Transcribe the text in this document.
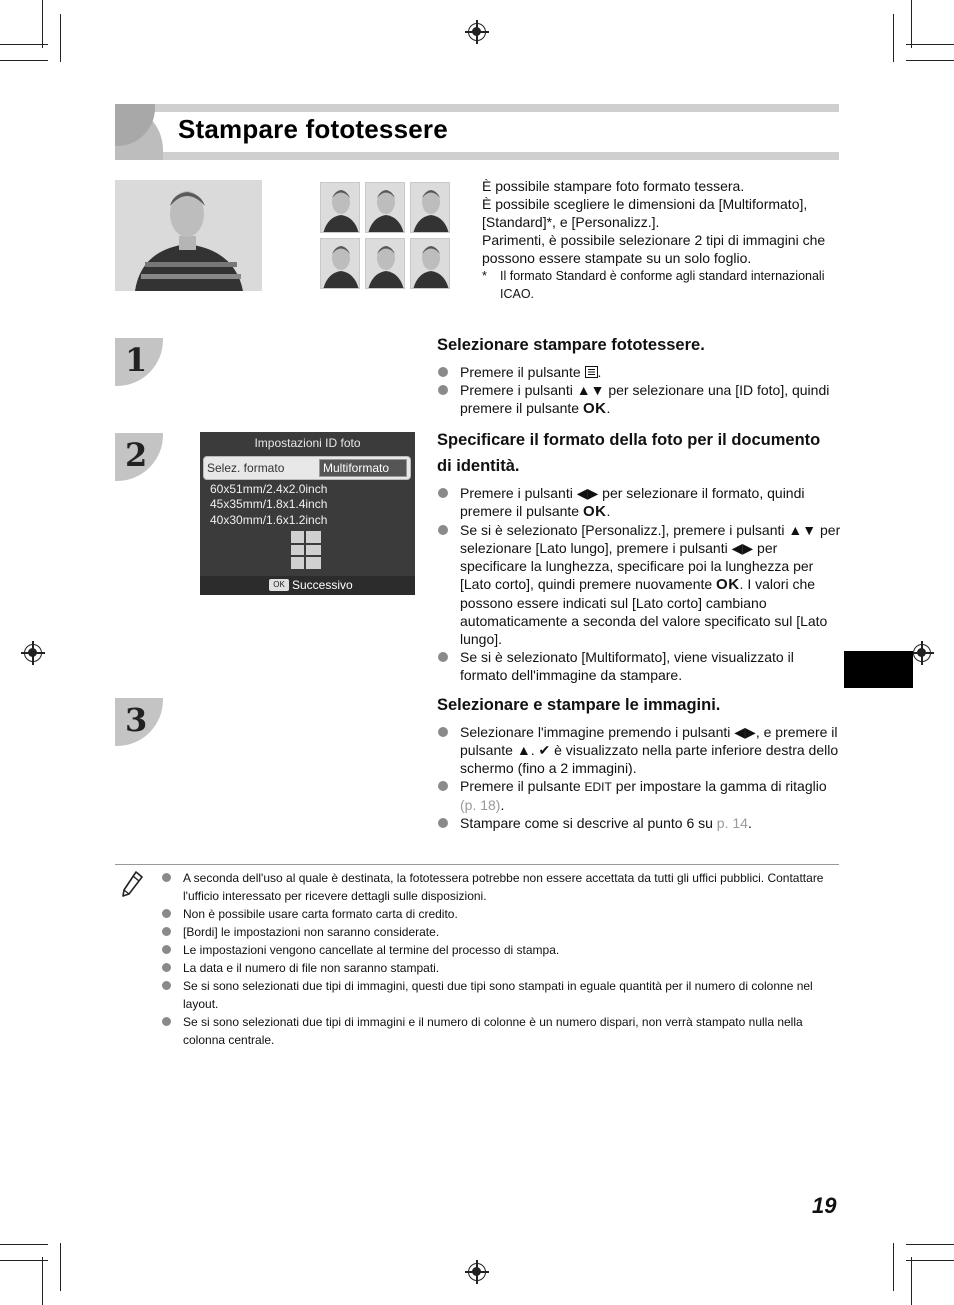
Stampare fototessere

È possibile stampare foto formato tessera.

È possibile scegliere le dimensioni da [Multiformato], [Standard]*, e [Personalizz.].

Parimenti, è possibile selezionare 2 tipi di immagini che possono essere stampate su un solo foglio.

*	Il formato Standard è conforme agli standard internazionali ICAO.
1
2
3
Selezionare stampare fototessere.
Premere il pulsante .
Premere i pulsanti ▲▼ per selezionare una [ID foto], quindi premere il pulsante OK.
Impostazioni ID foto
Selez. formato	Multiformato
60x51mm/2.4x2.0inch
45x35mm/1.8x1.4inch
40x30mm/1.6x1.2inch
OK Successivo
Specificare il formato della foto per il documento di identità.
Premere i pulsanti ◀▶ per selezionare il formato, quindi premere il pulsante OK.
Se si è selezionato [Personalizz.], premere i pulsanti ▲▼ per selezionare [Lato lungo], premere i pulsanti ◀▶ per specificare la lunghezza, specificare poi la lunghezza per [Lato corto], quindi premere nuovamente OK. I valori che possono essere indicati sul [Lato corto] cambiano automaticamente a seconda del valore specificato sul [Lato lungo].
Se si è selezionato [Multiformato], viene visualizzato il formato dell'immagine da stampare.
Selezionare e stampare le immagini.
Selezionare l'immagine premendo i pulsanti ◀▶, e premere il pulsante ▲. ✔ è visualizzato nella parte inferiore destra dello schermo (fino a 2 immagini).
Premere il pulsante EDIT per impostare la gamma di ritaglio (p. 18).
Stampare come si descrive al punto 6 su p. 14.
A seconda dell'uso al quale è destinata, la fototessera potrebbe non essere accettata da tutti gli uffici pubblici. Contattare l'ufficio interessato per ricevere dettagli sulle disposizioni.
Non è possibile usare carta formato carta di credito.
[Bordi] le impostazioni non saranno considerate.
Le impostazioni vengono cancellate al termine del processo di stampa.
La data e il numero di file non saranno stampati.
Se si sono selezionati due tipi di immagini, questi due tipi sono stampati in eguale quantità per il numero di colonne nel layout.
Se si sono selezionati due tipi di immagini e il numero di colonne è un numero dispari, non verrà stampato nulla nella colonna centrale.
19
